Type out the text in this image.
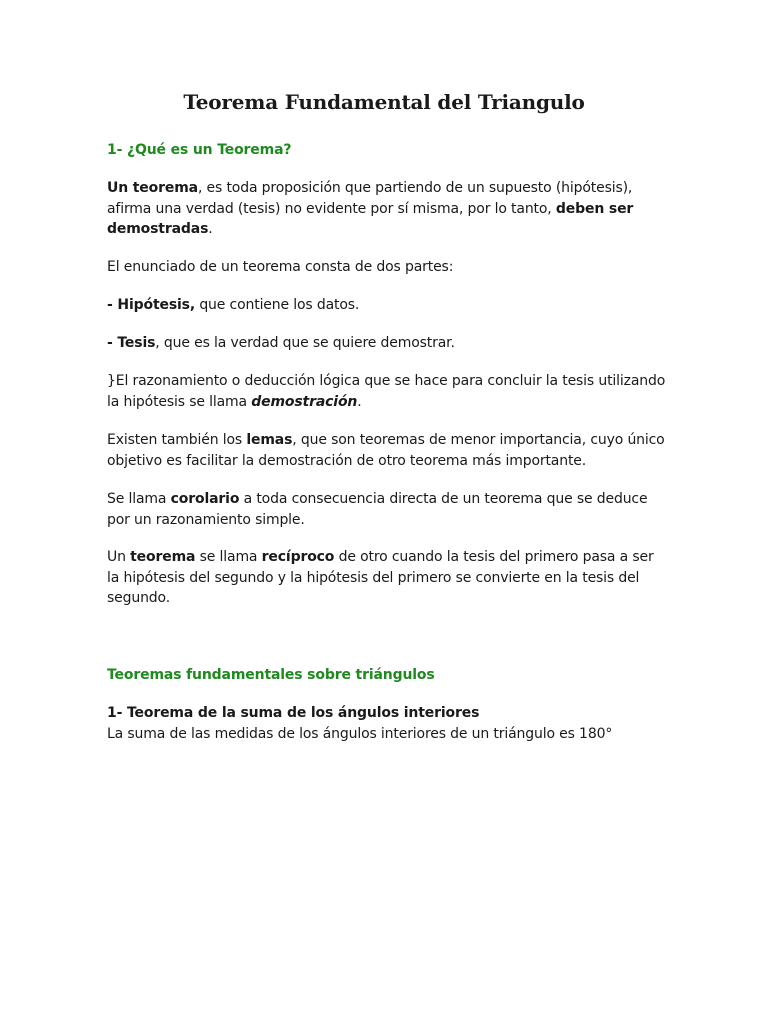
Teorema Fundamental del Triangulo

1- ¿Qué es un Teorema?

Un teorema, es toda proposición que partiendo de un supuesto (hipótesis), afirma una verdad (tesis) no evidente por sí misma, por lo tanto, deben ser demostradas.

El enunciado de un teorema consta de dos partes:

- Hipótesis, que contiene los datos.

- Tesis, que es la verdad que se quiere demostrar.

}El razonamiento o deducción lógica que se hace para concluir la tesis utilizando la hipótesis se llama demostración.

Existen también los lemas, que son teoremas de menor importancia, cuyo único objetivo es facilitar la demostración de otro teorema más importante.

Se llama corolario a toda consecuencia directa de un teorema que se deduce por un razonamiento simple.

Un teorema se llama recíproco de otro cuando la tesis del primero pasa a ser la hipótesis del segundo y la hipótesis del primero se convierte en la tesis del segundo.

Teoremas fundamentales sobre triángulos

1- Teorema de la suma de los ángulos interiores
La suma de las medidas de los ángulos interiores de un triángulo es 180°
